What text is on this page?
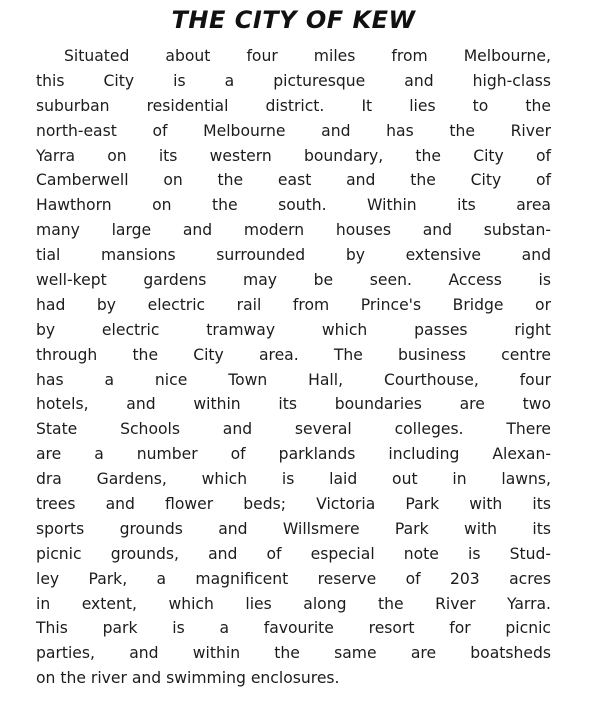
THE CITY OF KEW
Situated about four miles from Melbourne,
this City is a picturesque and high-class
suburban residential district. It lies to the
north-east of Melbourne and has the River
Yarra on its western boundary, the City of
Camberwell on the east and the City of
Hawthorn on the south. Within its area
many large and modern houses and substan-
tial mansions surrounded by extensive and
well-kept gardens may be seen. Access is
had by electric rail from Prince's Bridge or
by electric tramway which passes right
through the City area. The business centre
has a nice Town Hall, Courthouse, four
hotels, and within its boundaries are two
State Schools and several colleges. There
are a number of parklands including Alexan-
dra Gardens, which is laid out in lawns,
trees and flower beds; Victoria Park with its
sports grounds and Willsmere Park with its
picnic grounds, and of especial note is Stud-
ley Park, a magnificent reserve of 203 acres
in extent, which lies along the River Yarra.
This park is a favourite resort for picnic
parties, and within the same are boatsheds
on the river and swimming enclosures.
